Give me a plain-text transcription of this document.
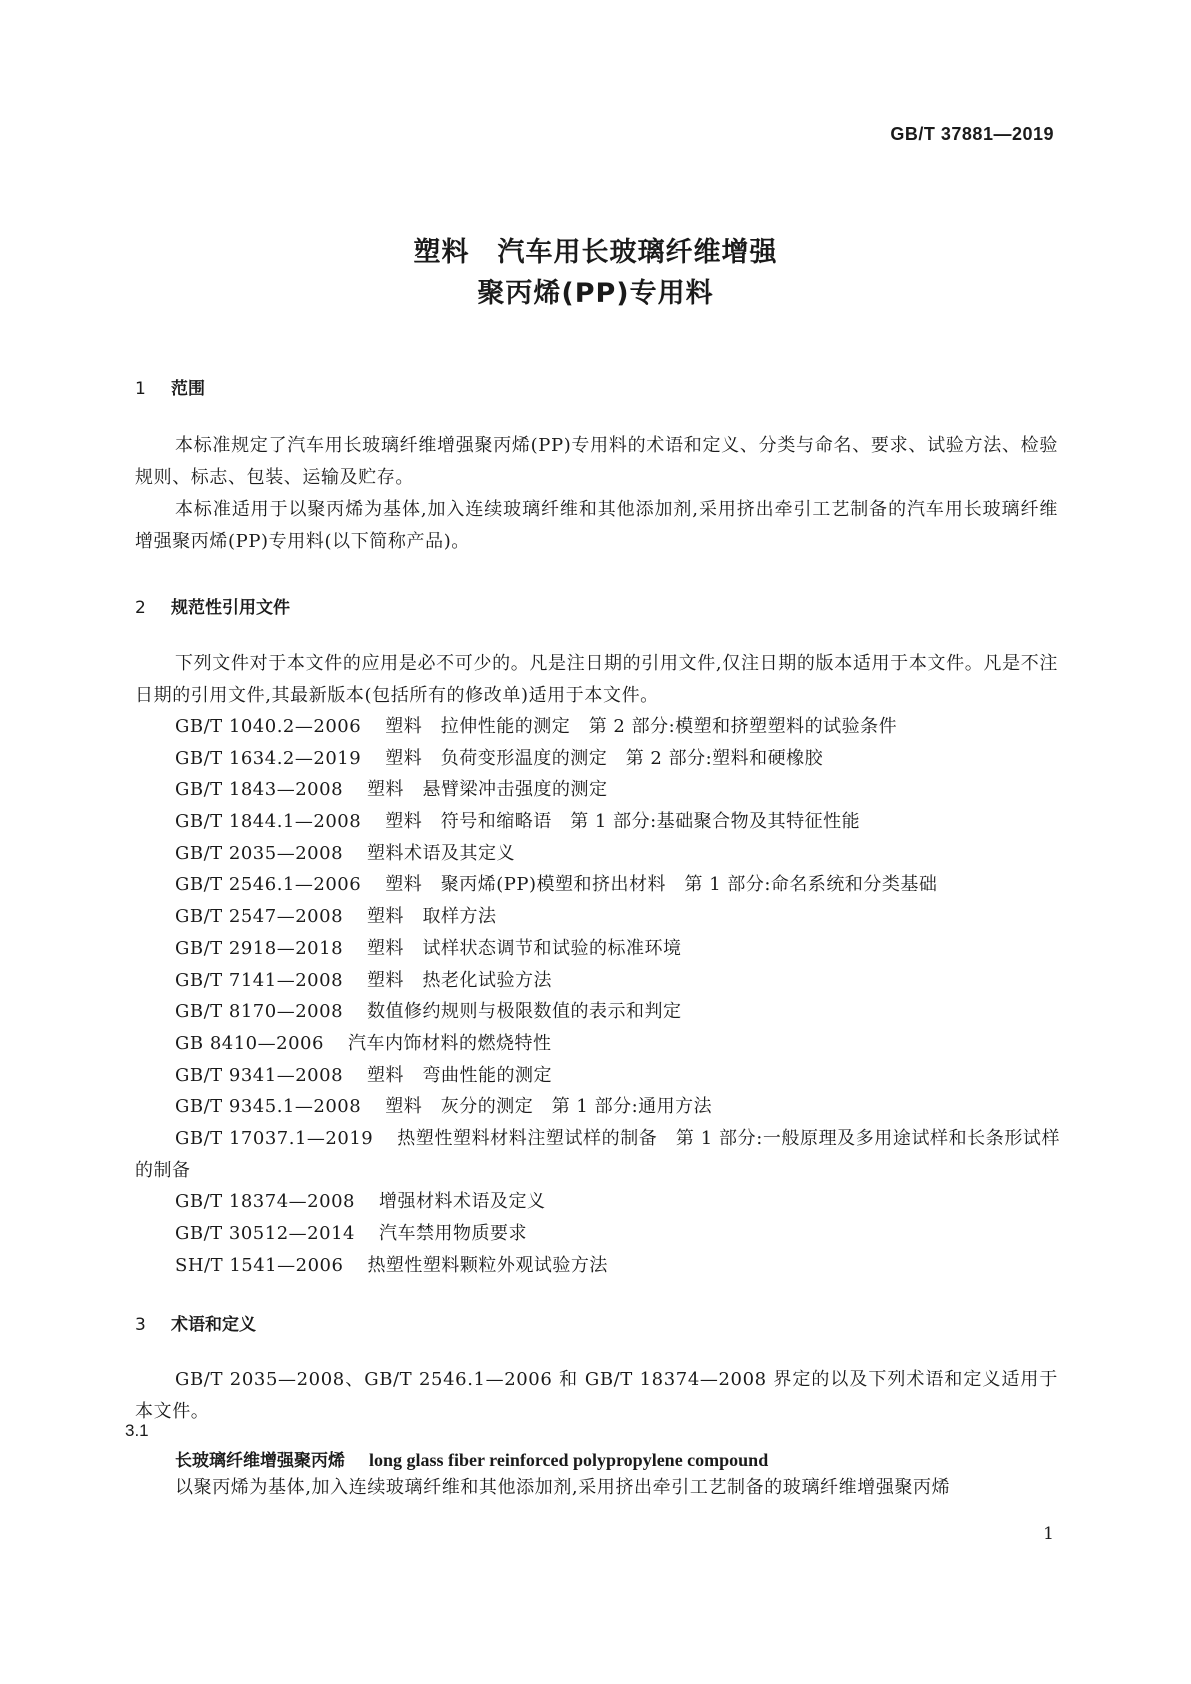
GB/T 37881—2019
塑料　汽车用长玻璃纤维增强
聚丙烯(PP)专用料
1 范围
本标准规定了汽车用长玻璃纤维增强聚丙烯(PP)专用料的术语和定义、分类与命名、要求、试验方法、检验规则、标志、包装、运输及贮存。
本标准适用于以聚丙烯为基体,加入连续玻璃纤维和其他添加剂,采用挤出牵引工艺制备的汽车用长玻璃纤维增强聚丙烯(PP)专用料(以下简称产品)。
2 规范性引用文件
下列文件对于本文件的应用是必不可少的。凡是注日期的引用文件,仅注日期的版本适用于本文件。凡是不注日期的引用文件,其最新版本(包括所有的修改单)适用于本文件。
GB/T 1040.2—2006 塑料　拉伸性能的测定　第 2 部分:模塑和挤塑塑料的试验条件
GB/T 1634.2—2019 塑料　负荷变形温度的测定　第 2 部分:塑料和硬橡胶
GB/T 1843—2008 塑料　悬臂梁冲击强度的测定
GB/T 1844.1—2008 塑料　符号和缩略语　第 1 部分:基础聚合物及其特征性能
GB/T 2035—2008 塑料术语及其定义
GB/T 2546.1—2006 塑料　聚丙烯(PP)模塑和挤出材料　第 1 部分:命名系统和分类基础
GB/T 2547—2008 塑料　取样方法
GB/T 2918—2018 塑料　试样状态调节和试验的标准环境
GB/T 7141—2008 塑料　热老化试验方法
GB/T 8170—2008 数值修约规则与极限数值的表示和判定
GB 8410—2006 汽车内饰材料的燃烧特性
GB/T 9341—2008 塑料　弯曲性能的测定
GB/T 9345.1—2008 塑料　灰分的测定　第 1 部分:通用方法
GB/T 17037.1—2019 热塑性塑料材料注塑试样的制备　第 1 部分:一般原理及多用途试样和长条形试样的制备
GB/T 18374—2008 增强材料术语及定义
GB/T 30512—2014 汽车禁用物质要求
SH/T 1541—2006 热塑性塑料颗粒外观试验方法
3 术语和定义
GB/T 2035—2008、GB/T 2546.1—2006 和 GB/T 18374—2008 界定的以及下列术语和定义适用于本文件。
3.1
长玻璃纤维增强聚丙烯 long glass fiber reinforced polypropylene compound
以聚丙烯为基体,加入连续玻璃纤维和其他添加剂,采用挤出牵引工艺制备的玻璃纤维增强聚丙烯
1
